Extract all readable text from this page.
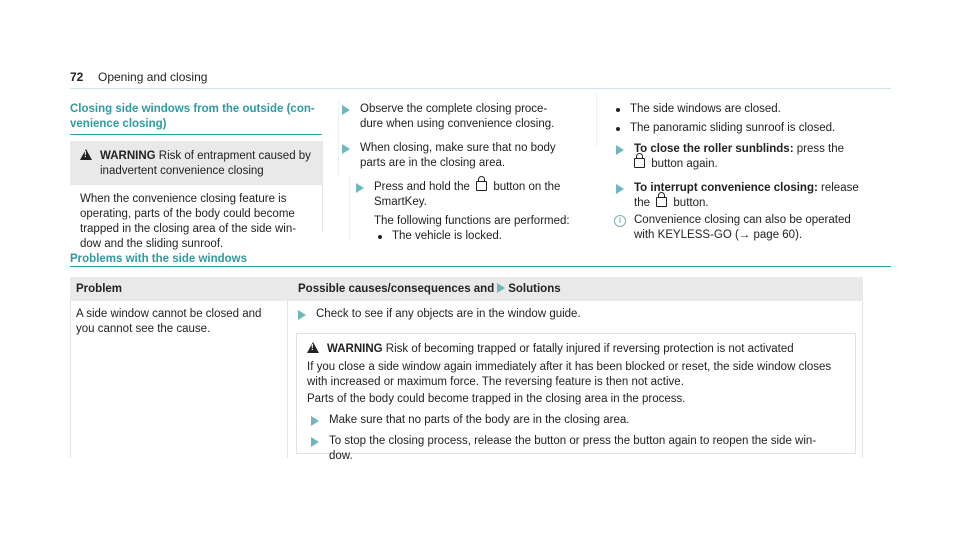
72 Opening and closing
Closing side windows from the outside (con-
venience closing)
!WARNING Risk of entrapment caused by
inadvertent convenience closing
When the convenience closing feature is
operating, parts of the body could become
trapped in the closing area of the side win-
dow and the sliding sunroof.
Observe the complete closing proce-
dure when using convenience closing.
When closing, make sure that no body
parts are in the closing area.
Press and hold the button on the
SmartKey.
The following functions are performed:
The vehicle is locked.
The side windows are closed.
The panoramic sliding sunroof is closed.
To close the roller sunblinds: press the
button again.
To interrupt convenience closing: release
the button.
i	Convenience closing can also be operated
with KEYLESS-GO (→ page 60).
Problems with the side windows
Problem	Possible causes/consequences and Solutions
A side window cannot be closed and
you cannot see the cause.
Check to see if any objects are in the window guide.
!WARNING Risk of becoming trapped or fatally injured if reversing protection is not activated
If you close a side window again immediately after it has been blocked or reset, the side window closes
with increased or maximum force. The reversing feature is then not active.
Parts of the body could become trapped in the closing area in the process.
Make sure that no parts of the body are in the closing area.
To stop the closing process, release the button or press the button again to reopen the side win-
dow.
